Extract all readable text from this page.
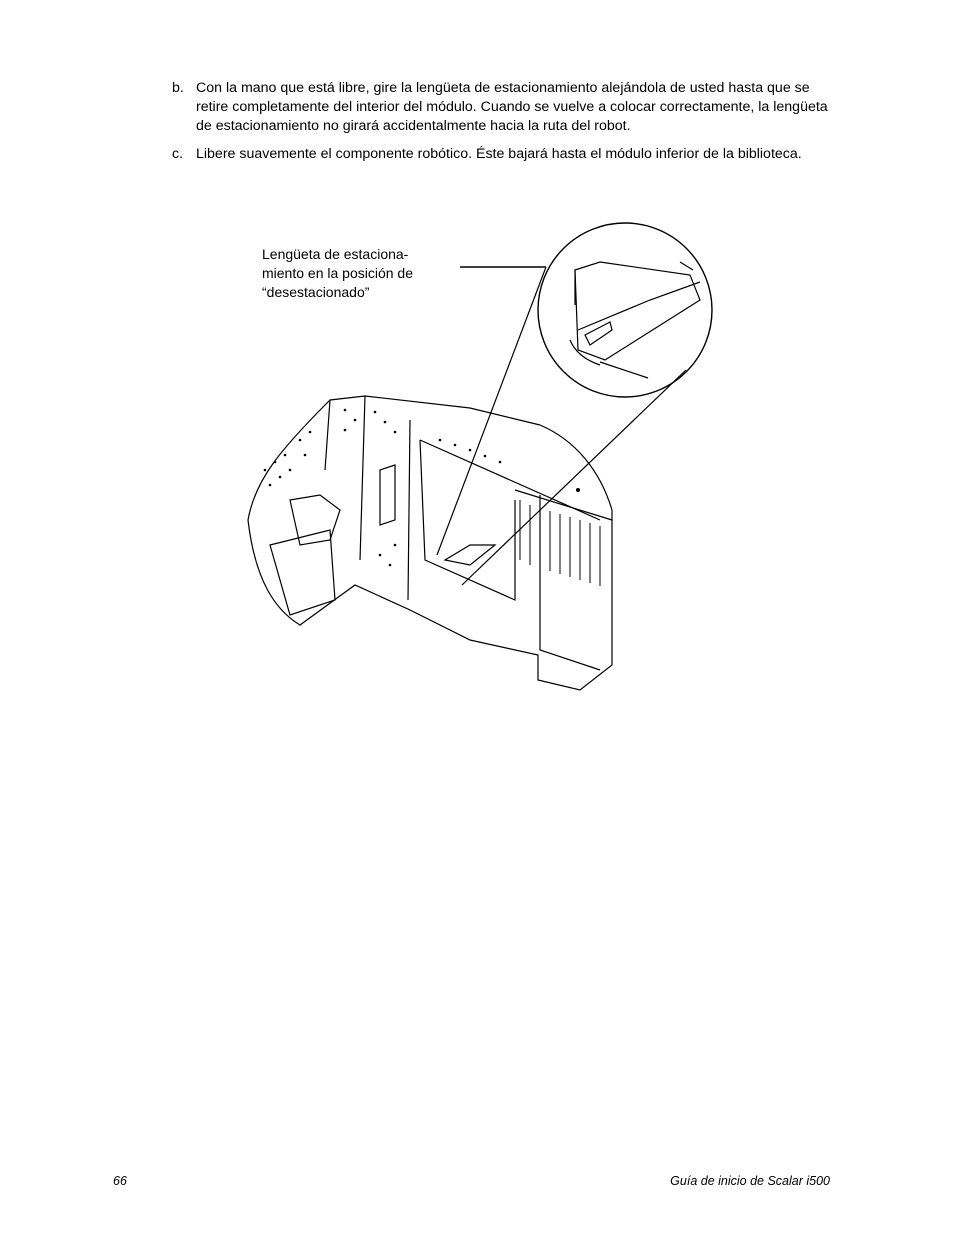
b. Con la mano que está libre, gire la lengüeta de estacionamiento alejándola de usted hasta que se retire completamente del interior del módulo. Cuando se vuelve a colocar correctamente, la lengüeta de estacionamiento no girará accidentalmente hacia la ruta del robot.
c. Libere suavemente el componente robótico. Éste bajará hasta el módulo inferior de la biblioteca.
Lengüeta de estaciona-
miento en la posición de
“desestacionado”
66	Guía de inicio de Scalar i500
